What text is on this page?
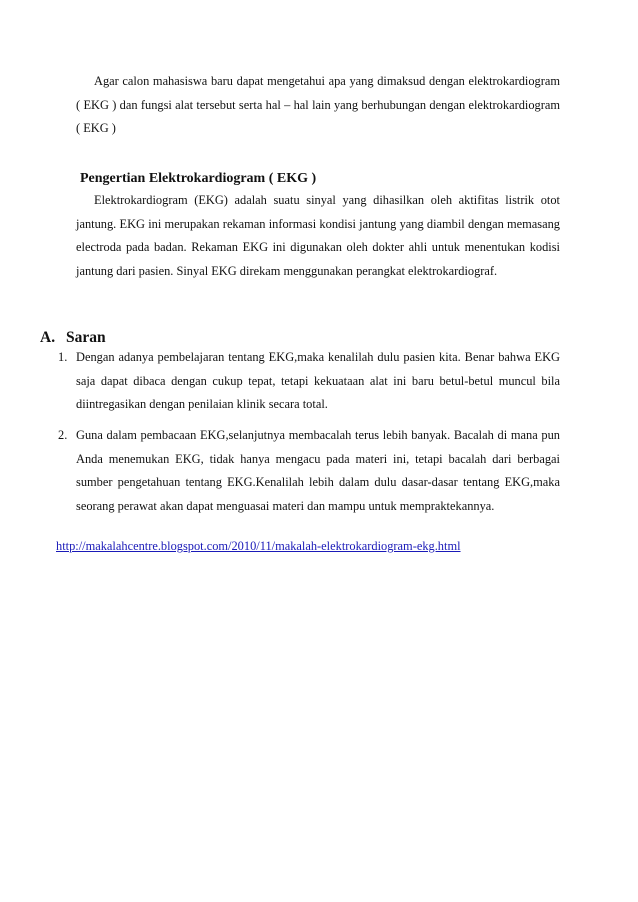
Agar calon mahasiswa baru dapat mengetahui apa yang dimaksud dengan elektrokardiogram ( EKG ) dan fungsi alat tersebut serta hal – hal lain yang berhubungan dengan elektrokardiogram ( EKG )
Pengertian Elektrokardiogram ( EKG )
Elektrokardiogram (EKG) adalah suatu sinyal yang dihasilkan oleh aktifitas listrik otot jantung. EKG ini merupakan rekaman informasi kondisi jantung yang diambil dengan memasang electroda pada badan. Rekaman EKG ini digunakan oleh dokter ahli untuk menentukan kodisi jantung dari pasien. Sinyal EKG direkam menggunakan perangkat elektrokardiograf.
A. Saran
1. Dengan adanya pembelajaran tentang EKG,maka kenalilah dulu pasien kita. Benar bahwa EKG saja dapat dibaca dengan cukup tepat, tetapi kekuataan alat ini baru betul-betul muncul bila diintregasikan dengan penilaian klinik secara total.
2. Guna dalam pembacaan EKG,selanjutnya membacalah terus lebih banyak. Bacalah di mana pun Anda menemukan EKG, tidak hanya mengacu pada materi ini, tetapi bacalah dari berbagai sumber pengetahuan tentang EKG.Kenalilah lebih dalam dulu dasar-dasar tentang EKG,maka seorang perawat akan dapat menguasai materi dan mampu untuk mempraktekannya.
http://makalahcentre.blogspot.com/2010/11/makalah-elektrokardiogram-ekg.html
